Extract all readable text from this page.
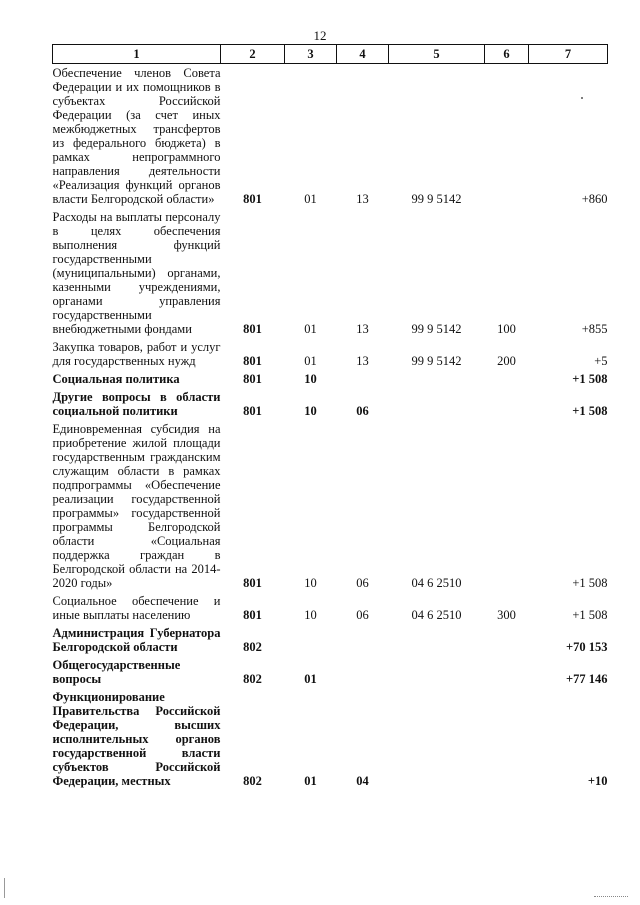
12
1	2	3	4	5	6	7
Обеспечение членов Совета Федерации и их помощников в субъектах Российской Федерации (за счет иных межбюджетных трансфертов из федерального бюджета) в рамках непрограммного направления деятельности «Реализация функций органов власти Белгородской области»	801	01	13	99 9 5142		+860
Расходы на выплаты персоналу в целях обеспечения выполнения функций государственными (муниципальными) органами, казенными учреждениями, органами управления государственными внебюджетными фондами	801	01	13	99 9 5142	100	+855
Закупка товаров, работ и услуг для государственных нужд	801	01	13	99 9 5142	200	+5
Социальная политика	801	10				+1 508
Другие вопросы в области социальной политики	801	10	06			+1 508
Единовременная субсидия на приобретение жилой площади государственным гражданским служащим области в рамках подпрограммы «Обеспечение реализации государственной программы» государственной программы Белгородской области «Социальная поддержка граждан в Белгородской области на 2014-2020 годы»	801	10	06	04 6 2510		+1 508
Социальное обеспечение и иные выплаты населению	801	10	06	04 6 2510	300	+1 508
Администрация Губернатора Белгородской области	802					+70 153
Общегосударственные вопросы	802	01				+77 146
Функционирование Правительства Российской Федерации, высших исполнительных органов государственной власти субъектов Российской Федерации, местных	802	01	04			+10
